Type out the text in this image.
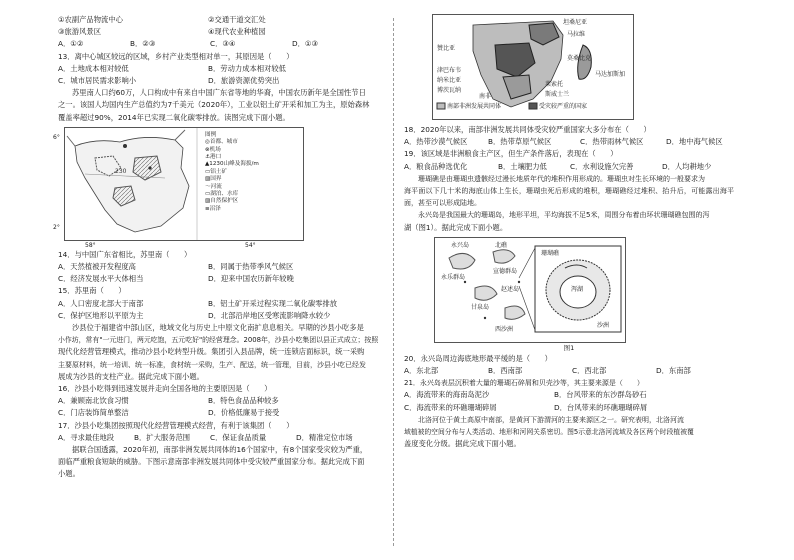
①农副产品物流中心	②交通干道交汇处
③旅游风景区	④现代农业种植园
A．①②	B．②③	C．③④	D．①③
13．离中心城区较远的区域，乡村产业类型相对单一，其原因是（　　）
A．土地成本相对较低	B．劳动力成本相对较低
C．城市居民需求影响小	D．旅游资源优势突出
苏里南人口约60万，人口构成中有来自中国广东省等地的华裔，中国农历新年是全国性节日
之一。该国人均国内生产总值约为7千美元（2020年），工业以铝土矿开采和加工为主，原始森林
覆盖率超过90%，2014年已实现二氧化碳零排放。读图完成下面小题。
230
6°
2°
58°	54°
图例
◎首都、城市
⊗机场
⚓港口
▲1230山峰及海拔/m
▭铝土矿
▨国界
～河流
▭湖泊、水库
▨自然保护区
≡沼泽
14．与中国广东省相比，苏里南（　　）
A．天然植被开发程度高	B．同属于热带季风气候区
C．经济发展水平大体相当	D．迎来中国农历新年较晚
15．苏里南（　　）
A．人口密度北部大于南部	B．铝土矿开采过程实现二氧化碳零排放
C．保护区地形以平原为主	D．北部沿岸地区受寒流影响降水较少
沙县位于福建省中部山区，地域文化与历史上中原文化南扩息息相关。早期的沙县小吃多是
小作坊，常有"一元进门，两元吃饱，五元吃好"的经营理念。2008年，沙县小吃集团以县正式成立；按照
现代化经营管理模式，推动沙县小吃转型升级。集团引入县品牌，统一连锁店面标识，统一采购
主要原材料，统一培训、统一标准，食材统一采购，生产、配送，统一管理，目前，沙县小吃已经发
展成为沙县的支柱产业。据此完成下面小题。
16．沙县小吃得到迅速发展并走向全国各地的主要原因是（　　）
A．兼顾南北饮食习惯	B．特色食品品种较多
C．门店装饰简单整洁	D．价格低廉易于接受
17．沙县小吃集团按照现代化经营管理模式经营，有利于该集团（　　）
A．寻求最佳地段	B．扩大服务范围	C．保证食品质量	D．精准定位市场
据联合国透露，2020年初，南部非洲发展共同体的16个国家中，有8个国家受灾较为严重，
面临严重粮食短缺的威胁。下图示意南部非洲发展共同体中受灾较严重国家分布。据此完成下面
小题。
坦桑尼亚
马拉维
赞比亚
莫桑比克
马达加斯加
津巴布韦
纳米比亚
博茨瓦纳
莱索托
斯威士兰
南非
南部非洲发展共同体	受灾较严重的国家
18．2020年以来，南部非洲发展共同体受灾较严重国家大多分布在（　　）
A．热带沙漠气候区	B．热带草原气候区	C．热带雨林气候区	D．地中海气候区
19．该区域是非洲粮食主产区，但生产条件落后，表现在（　　）
A．粮食品种选优化	B．土壤肥力低	C．水利设施欠完善	D．人均耕地少
珊瑚礁是由珊瑚虫遗骸经过漫长地质年代的堆积作用形成的。珊瑚虫对生长环境的一般要求为
海平面以下几十米的海底山体上生长，珊瑚虫死后形成的堆积，珊瑚礁经过堆积、抬升后，可能露出海平面，甚至可以形成陆地。
永兴岛是我国最大的珊瑚岛，地形平坦，平均海拔不足5米，周围分布着由环状珊瑚礁包围的泻
湖（图1）。据此完成下面小题。
永兴岛	北礁
永乐群岛
甘泉岛
宣德群岛
西沙洲
赵述岛	泻湖
珊瑚礁
沙洲
图1
20．永兴岛周边海底地形最平缓的是（　　）
A．东北部	B．西南部	C．西北部	D．东南部
21．永兴岛表层沉积着大量的珊瑚石碎屑和贝壳沙等，其主要来源是（　　）
A．海流带来的海南岛泥沙	B．台风带来的东沙群岛砂石
C．海流带来的环礁珊瑚碎屑	D．台风带来的环礁珊瑚碎屑
北洛河位于黄土高原中南部，是黄河下游渭河的主要来源区之一。研究表明，北洛河流
域植被的空间分布与人类活动、地形和河网关系密切。图5示意北洛河流域及各区两个时段植被覆
盖度变化分级。据此完成下面小题。
